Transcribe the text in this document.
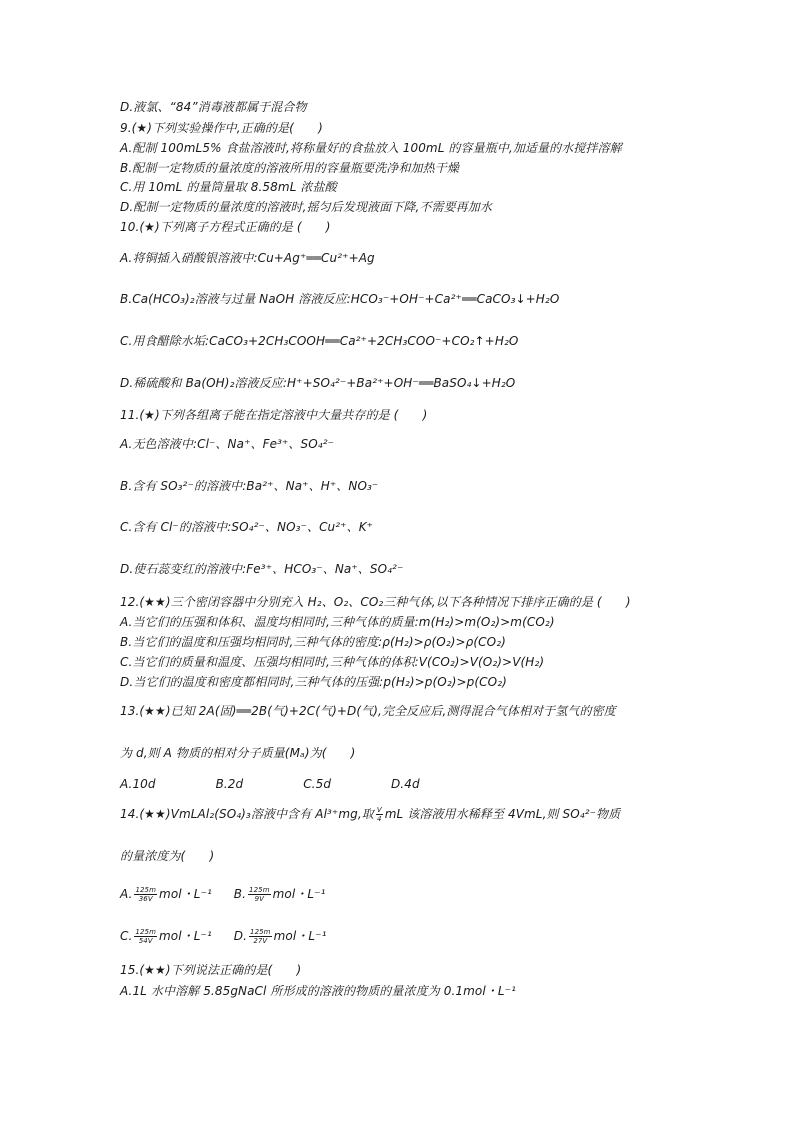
D.液氯、“84”消毒液都属于混合物
9.(★)下列实验操作中,正确的是(　　)
A.配制 100mL5% 食盐溶液时,将称量好的食盐放入 100mL 的容量瓶中,加适量的水搅拌溶解
B.配制一定物质的量浓度的溶液所用的容量瓶要洗净和加热干燥
C.用 10mL 的量筒量取 8.58mL 浓盐酸
D.配制一定物质的量浓度的溶液时,摇匀后发现液面下降,不需要再加水
10.(★)下列离子方程式正确的是 (　　)
A.将铜插入硝酸银溶液中:Cu+Ag⁺══Cu²⁺+Ag
B.Ca(HCO₃)₂溶液与过量 NaOH 溶液反应:HCO₃⁻+OH⁻+Ca²⁺══CaCO₃↓+H₂O
C.用食醋除水垢:CaCO₃+2CH₃COOH══Ca²⁺+2CH₃COO⁻+CO₂↑+H₂O
D.稀硫酸和 Ba(OH)₂溶液反应:H⁺+SO₄²⁻+Ba²⁺+OH⁻══BaSO₄↓+H₂O
11.(★)下列各组离子能在指定溶液中大量共存的是 (　　)
A.无色溶液中:Cl⁻、Na⁺、Fe³⁺、SO₄²⁻
B.含有 SO₃²⁻的溶液中:Ba²⁺、Na⁺、H⁺、NO₃⁻
C.含有 Cl⁻的溶液中:SO₄²⁻、NO₃⁻、Cu²⁺、K⁺
D.使石蕊变红的溶液中:Fe³⁺、HCO₃⁻、Na⁺、SO₄²⁻
12.(★★)三个密闭容器中分别充入 H₂、O₂、CO₂三种气体,以下各种情况下排序正确的是 (　　)
A.当它们的压强和体积、温度均相同时,三种气体的质量:m(H₂)>m(O₂)>m(CO₂)
B.当它们的温度和压强均相同时,三种气体的密度:ρ(H₂)>ρ(O₂)>ρ(CO₂)
C.当它们的质量和温度、压强均相同时,三种气体的体积:V(CO₂)>V(O₂)>V(H₂)
D.当它们的温度和密度都相同时,三种气体的压强:p(H₂)>p(O₂)>p(CO₂)
13.(★★)已知 2A(固)══2B(气)+2C(气)+D(气),完全反应后,测得混合气体相对于氢气的密度
为 d,则 A 物质的相对分子质量(Mₐ)为(　　)
A.10d	B.2d	C.5d	D.4d
14.(★★)VmLAl₂(SO₄)₃溶液中含有 Al³⁺mg,取 $\frac{V}{4}$ mL 该溶液用水稀释至 4VmL,则 SO₄²⁻物质
的量浓度为(　　)
A. $\frac{125m}{36V}$ mol・L⁻¹ B. $\frac{125m}{9V}$ mol・L⁻¹
C. $\frac{125m}{54V}$ mol・L⁻¹ D. $\frac{125m}{27V}$ mol・L⁻¹
15.(★★)下列说法正确的是(　　)
A.1L 水中溶解 5.85gNaCl 所形成的溶液的物质的量浓度为 0.1mol・L⁻¹
